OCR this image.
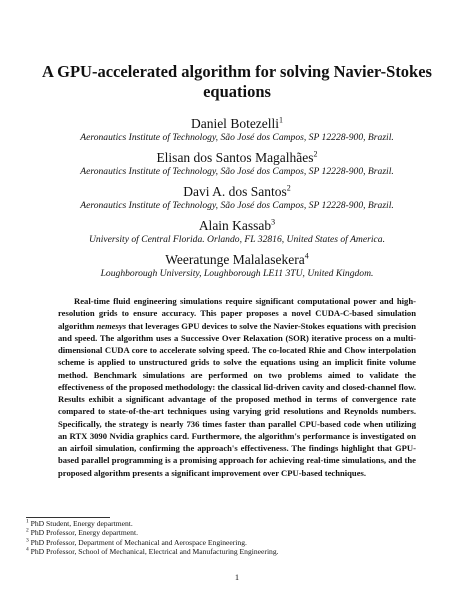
A GPU-accelerated algorithm for solving Navier-Stokes equations
Daniel Botezelli$^1$
Aeronautics Institute of Technology, São José dos Campos, SP 12228-900, Brazil.
Elisan dos Santos Magalhães$^2$
Aeronautics Institute of Technology, São José dos Campos, SP 12228-900, Brazil.
Davi A. dos Santos$^2$
Aeronautics Institute of Technology, São José dos Campos, SP 12228-900, Brazil.
Alain Kassab$^3$
University of Central Florida. Orlando, FL 32816, United States of America.
Weeratunge Malalasekera$^4$
Loughborough University, Loughborough LE11 3TU, United Kingdom.
Real-time fluid engineering simulations require significant computational power and high-resolution grids to ensure accuracy. This paper proposes a novel CUDA-C-based simulation algorithm nemesys that leverages GPU devices to solve the Navier-Stokes equations with precision and speed. The algorithm uses a Successive Over Relaxation (SOR) iterative process on a multi-dimensional CUDA core to accelerate solving speed. The co-located Rhie and Chow interpolation scheme is applied to unstructured grids to solve the equations using an implicit finite volume method. Benchmark simulations are performed on two problems aimed to validate the effectiveness of the proposed methodology: the classical lid-driven cavity and closed-channel flow. Results exhibit a significant advantage of the proposed method in terms of convergence rate compared to state-of-the-art techniques using varying grid resolutions and Reynolds numbers. Specifically, the strategy is nearly 736 times faster than parallel CPU-based code when utilizing an RTX 3090 Nvidia graphics card. Furthermore, the algorithm's performance is investigated on an airfoil simulation, confirming the approach's effectiveness. The findings highlight that GPU-based parallel programming is a promising approach for achieving real-time simulations, and the proposed algorithm presents a significant improvement over CPU-based techniques.
$^1$ PhD Student, Energy department.
$^2$ PhD Professor, Energy department.
$^3$ PhD Professor, Department of Mechanical and Aerospace Engineering.
$^4$ PhD Professor, School of Mechanical, Electrical and Manufacturing Engineering.
1
